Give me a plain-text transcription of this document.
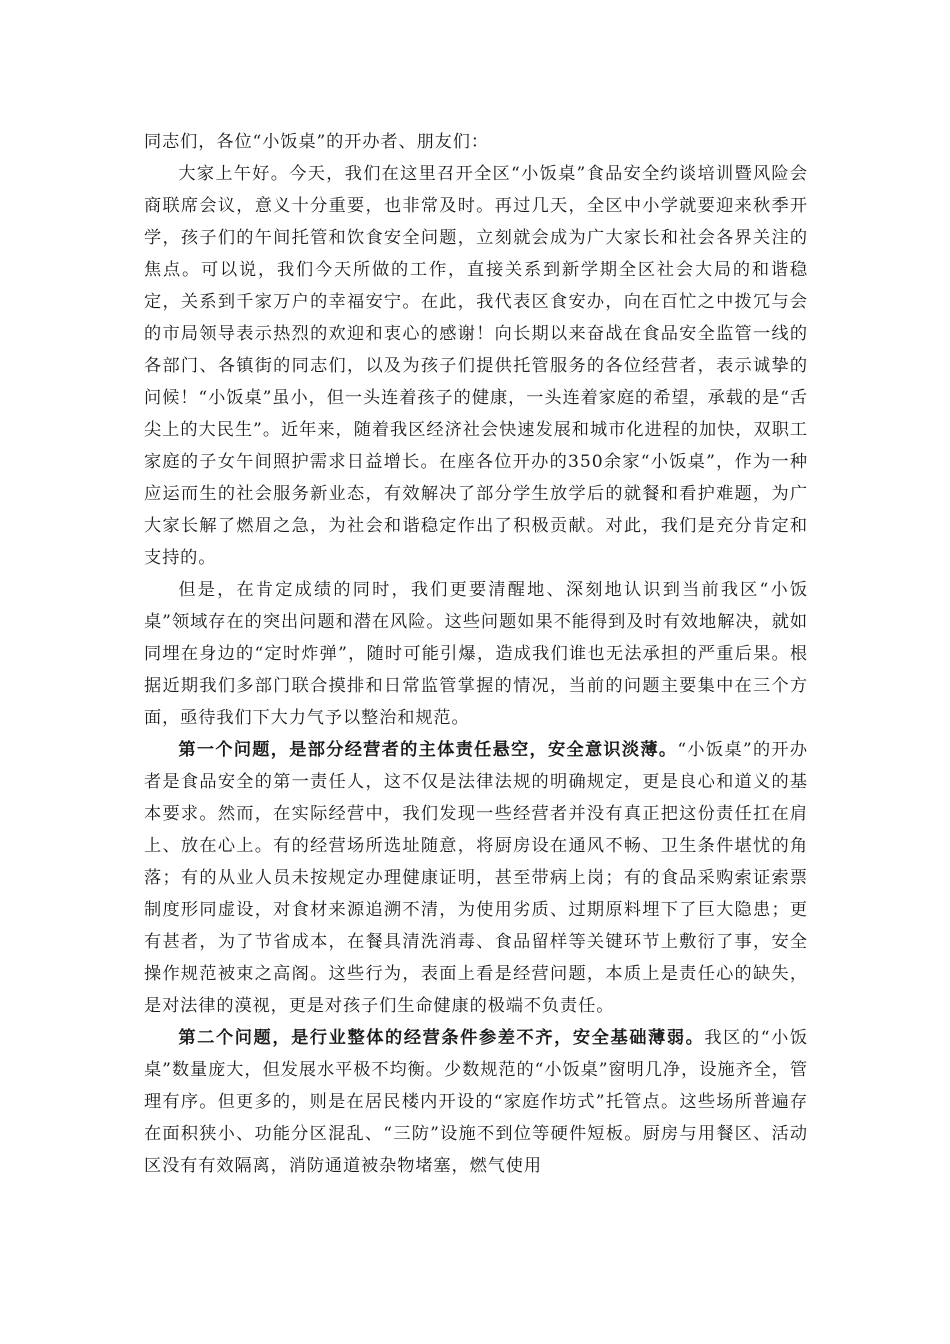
同志们，各位“小饭桌”的开办者、朋友们：

大家上午好。今天，我们在这里召开全区“小饭桌”食品安全约谈培训暨风险会商联席会议，意义十分重要，也非常及时。再过几天，全区中小学就要迎来秋季开学，孩子们的午间托管和饮食安全问题，立刻就会成为广大家长和社会各界关注的焦点。可以说，我们今天所做的工作，直接关系到新学期全区社会大局的和谐稳定，关系到千家万户的幸福安宁。在此，我代表区食安办，向在百忙之中拨冗与会的市局领导表示热烈的欢迎和衷心的感谢！向长期以来奋战在食品安全监管一线的各部门、各镇街的同志们，以及为孩子们提供托管服务的各位经营者，表示诚挚的问候！“小饭桌”虽小，但一头连着孩子的健康，一头连着家庭的希望，承载的是“舌尖上的大民生”。近年来，随着我区经济社会快速发展和城市化进程的加快，双职工家庭的子女午间照护需求日益增长。在座各位开办的350余家“小饭桌”，作为一种应运而生的社会服务新业态，有效解决了部分学生放学后的就餐和看护难题，为广大家长解了燃眉之急，为社会和谐稳定作出了积极贡献。对此，我们是充分肯定和支持的。

但是，在肯定成绩的同时，我们更要清醒地、深刻地认识到当前我区“小饭桌”领域存在的突出问题和潜在风险。这些问题如果不能得到及时有效地解决，就如同埋在身边的“定时炸弹”，随时可能引爆，造成我们谁也无法承担的严重后果。根据近期我们多部门联合摸排和日常监管掌握的情况，当前的问题主要集中在三个方面，亟待我们下大力气予以整治和规范。

第一个问题，是部分经营者的主体责任悬空，安全意识淡薄。“小饭桌”的开办者是食品安全的第一责任人，这不仅是法律法规的明确规定，更是良心和道义的基本要求。然而，在实际经营中，我们发现一些经营者并没有真正把这份责任扛在肩上、放在心上。有的经营场所选址随意，将厨房设在通风不畅、卫生条件堪忧的角落；有的从业人员未按规定办理健康证明，甚至带病上岗；有的食品采购索证索票制度形同虚设，对食材来源追溯不清，为使用劣质、过期原料埋下了巨大隐患；更有甚者，为了节省成本，在餐具清洗消毒、食品留样等关键环节上敷衍了事，安全操作规范被束之高阁。这些行为，表面上看是经营问题，本质上是责任心的缺失，是对法律的漠视，更是对孩子们生命健康的极端不负责任。

第二个问题，是行业整体的经营条件参差不齐，安全基础薄弱。我区的“小饭桌”数量庞大，但发展水平极不均衡。少数规范的“小饭桌”窗明几净，设施齐全，管理有序。但更多的，则是在居民楼内开设的“家庭作坊式”托管点。这些场所普遍存在面积狭小、功能分区混乱、“三防”设施不到位等硬件短板。厨房与用餐区、活动区没有有效隔离，消防通道被杂物堵塞，燃气使用
